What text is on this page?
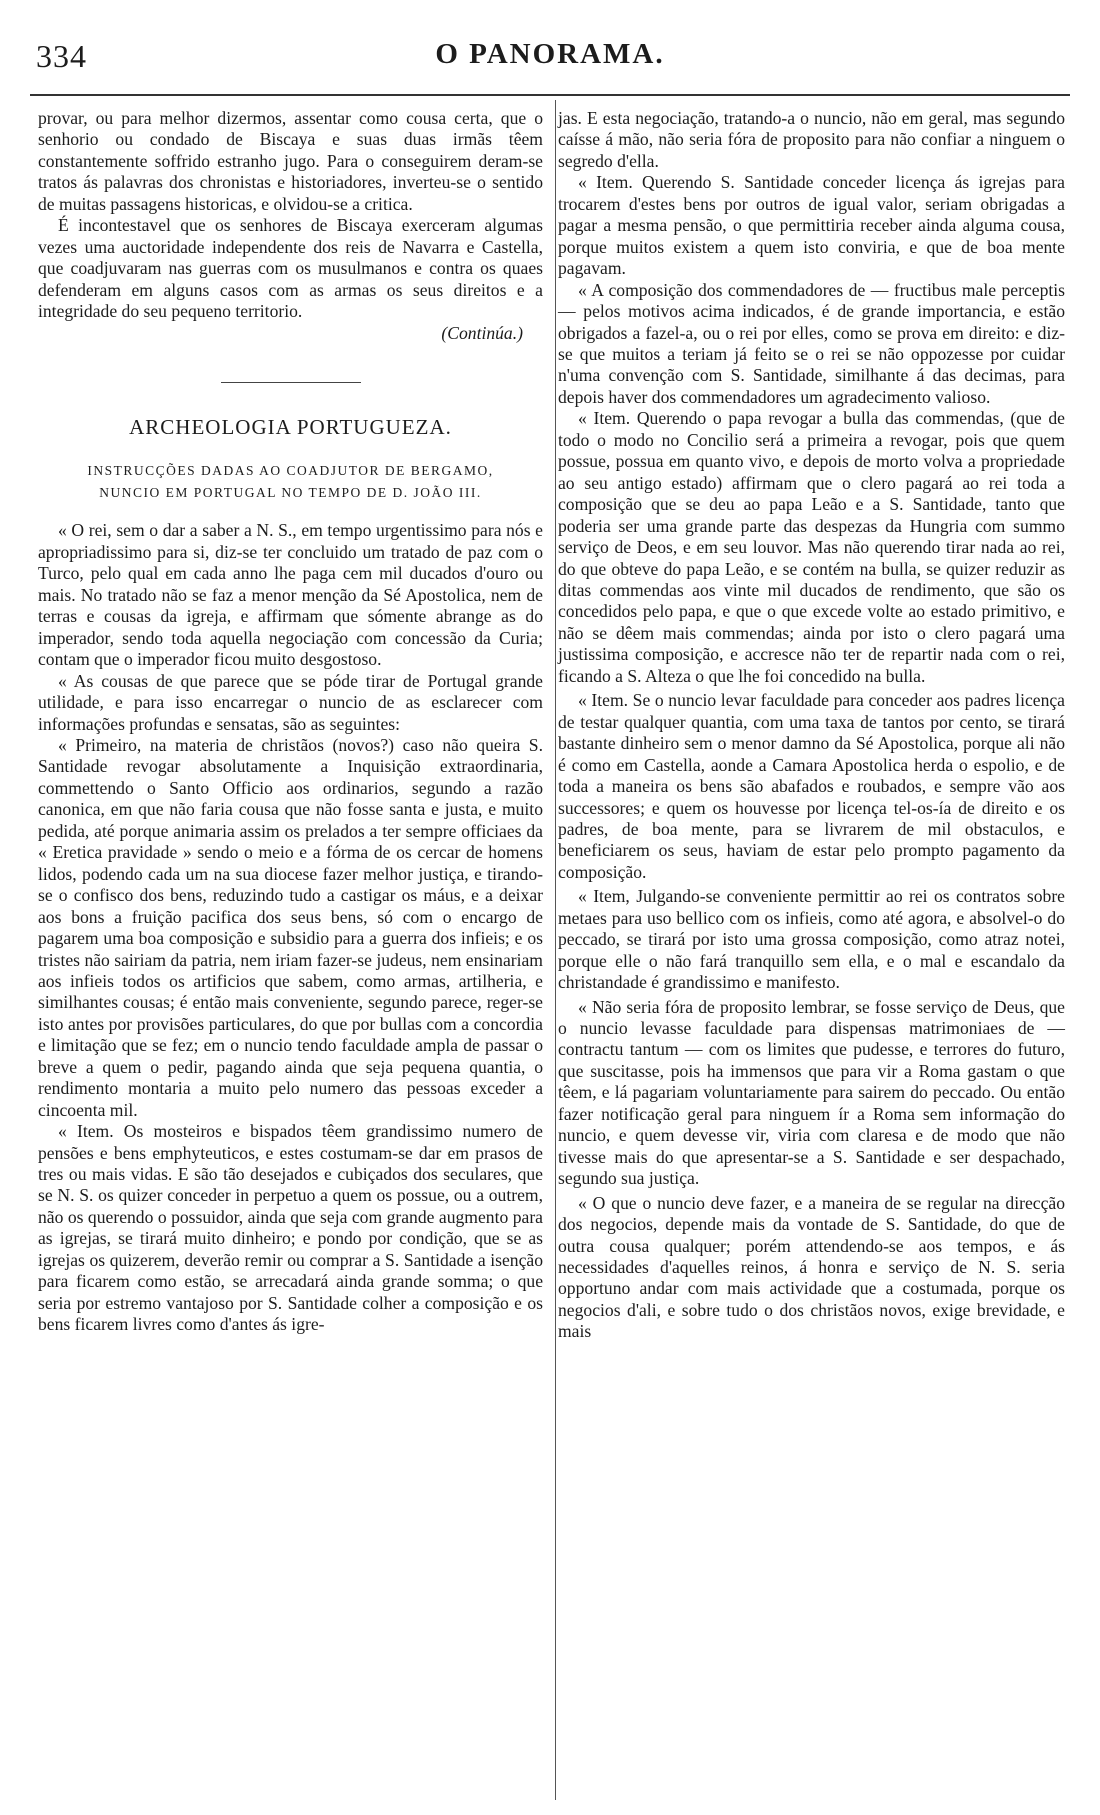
334	O PANORAMA.

provar, ou para melhor dizermos, assentar como cousa certa, que o senhorio ou condado de Biscaya e suas duas irmãs têem constantemente soffrido estranho jugo. Para o conseguirem deram-se tratos ás palavras dos chronistas e historiadores, inverteu-se o sentido de muitas passagens historicas, e olvidou-se a critica.

É incontestavel que os senhores de Biscaya exerceram algumas vezes uma auctoridade independente dos reis de Navarra e Castella, que coadjuvaram nas guerras com os musulmanos e contra os quaes defenderam em alguns casos com as armas os seus direitos e a integridade do seu pequeno territorio.

(Continúa.)

ARCHEOLOGIA PORTUGUEZA.
INSTRUCÇÕES DADAS AO COADJUTOR DE BERGAMO,
NUNCIO EM PORTUGAL NO TEMPO DE D. JOÃO III.

« O rei, sem o dar a saber a N. S., em tempo urgentissimo para nós e apropriadissimo para si, diz-se ter concluido um tratado de paz com o Turco, pelo qual em cada anno lhe paga cem mil ducados d'ouro ou mais. No tratado não se faz a menor menção da Sé Apostolica, nem de terras e cousas da igreja, e affirmam que sómente abrange as do imperador, sendo toda aquella negociação com concessão da Curia; contam que o imperador ficou muito desgostoso.

« As cousas de que parece que se póde tirar de Portugal grande utilidade, e para isso encarregar o nuncio de as esclarecer com informações profundas e sensatas, são as seguintes:

« Primeiro, na materia de christãos (novos?) caso não queira S. Santidade revogar absolutamente a Inquisição extraordinaria, commettendo o Santo Officio aos ordinarios, segundo a razão canonica, em que não faria cousa que não fosse santa e justa, e muito pedida, até porque animaria assim os prelados a ter sempre officiaes da « Eretica pravidade » sendo o meio e a fórma de os cercar de homens lidos, podendo cada um na sua diocese fazer melhor justiça, e tirando-se o confisco dos bens, reduzindo tudo a castigar os máus, e a deixar aos bons a fruição pacifica dos seus bens, só com o encargo de pagarem uma boa composição e subsidio para a guerra dos infieis; e os tristes não sairiam da patria, nem iriam fazer-se judeus, nem ensinariam aos infieis todos os artificios que sabem, como armas, artilheria, e similhantes cousas; é então mais conveniente, segundo parece, reger-se isto antes por provisões particulares, do que por bullas com a concordia e limitação que se fez; em o nuncio tendo faculdade ampla de passar o breve a quem o pedir, pagando ainda que seja pequena quantia, o rendimento montaria a muito pelo numero das pessoas exceder a cincoenta mil.

« Item. Os mosteiros e bispados têem grandissimo numero de pensões e bens emphyteuticos, e estes costumam-se dar em prasos de tres ou mais vidas. E são tão desejados e cubiçados dos seculares, que se N. S. os quizer conceder in perpetuo a quem os possue, ou a outrem, não os querendo o possuidor, ainda que seja com grande augmento para as igrejas, se tirará muito dinheiro; e pondo por condição, que se as igrejas os quizerem, deverão remir ou comprar a S. Santidade a isenção para ficarem como estão, se arrecadará ainda grande somma; o que seria por estremo vantajoso por S. Santidade colher a composição e os bens ficarem livres como d'antes ás igre-

jas. E esta negociação, tratando-a o nuncio, não em geral, mas segundo caísse á mão, não seria fóra de proposito para não confiar a ninguem o segredo d'ella.

« Item. Querendo S. Santidade conceder licença ás igrejas para trocarem d'estes bens por outros de igual valor, seriam obrigadas a pagar a mesma pensão, o que permittiria receber ainda alguma cousa, porque muitos existem a quem isto conviria, e que de boa mente pagavam.

« A composição dos commendadores de — fructibus male perceptis — pelos motivos acima indicados, é de grande importancia, e estão obrigados a fazel-a, ou o rei por elles, como se prova em direito: e diz-se que muitos a teriam já feito se o rei se não oppozesse por cuidar n'uma convenção com S. Santidade, similhante á das decimas, para depois haver dos commendadores um agradecimento valioso.

« Item. Querendo o papa revogar a bulla das commendas, (que de todo o modo no Concilio será a primeira a revogar, pois que quem possue, possua em quanto vivo, e depois de morto volva a propriedade ao seu antigo estado) affirmam que o clero pagará ao rei toda a composição que se deu ao papa Leão e a S. Santidade, tanto que poderia ser uma grande parte das despezas da Hungria com summo serviço de Deos, e em seu louvor. Mas não querendo tirar nada ao rei, do que obteve do papa Leão, e se contém na bulla, se quizer reduzir as ditas commendas aos vinte mil ducados de rendimento, que são os concedidos pelo papa, e que o que excede volte ao estado primitivo, e não se dêem mais commendas; ainda por isto o clero pagará uma justissima composição, e accresce não ter de repartir nada com o rei, ficando a S. Alteza o que lhe foi concedido na bulla.

« Item. Se o nuncio levar faculdade para conceder aos padres licença de testar qualquer quantia, com uma taxa de tantos por cento, se tirará bastante dinheiro sem o menor damno da Sé Apostolica, porque ali não é como em Castella, aonde a Camara Apostolica herda o espolio, e de toda a maneira os bens são abafados e roubados, e sempre vão aos successores; e quem os houvesse por licença tel-os-ía de direito e os padres, de boa mente, para se livrarem de mil obstaculos, e beneficiarem os seus, haviam de estar pelo prompto pagamento da composição.

« Item, Julgando-se conveniente permittir ao rei os contratos sobre metaes para uso bellico com os infieis, como até agora, e absolvel-o do peccado, se tirará por isto uma grossa composição, como atraz notei, porque elle o não fará tranquillo sem ella, e o mal e escandalo da christandade é grandissimo e manifesto.

« Não seria fóra de proposito lembrar, se fosse serviço de Deus, que o nuncio levasse faculdade para dispensas matrimoniaes de — contractu tantum — com os limites que pudesse, e terrores do futuro, que suscitasse, pois ha immensos que para vir a Roma gastam o que têem, e lá pagariam voluntariamente para sairem do peccado. Ou então fazer notificação geral para ninguem ír a Roma sem informação do nuncio, e quem devesse vir, viria com claresa e de modo que não tivesse mais do que apresentar-se a S. Santidade e ser despachado, segundo sua justiça.

« O que o nuncio deve fazer, e a maneira de se regular na direcção dos negocios, depende mais da vontade de S. Santidade, do que de outra cousa qualquer; porém attendendo-se aos tempos, e ás necessidades d'aquelles reinos, á honra e serviço de N. S. seria opportuno andar com mais actividade que a costumada, porque os negocios d'ali, e sobre tudo o dos christãos novos, exige brevidade, e mais
